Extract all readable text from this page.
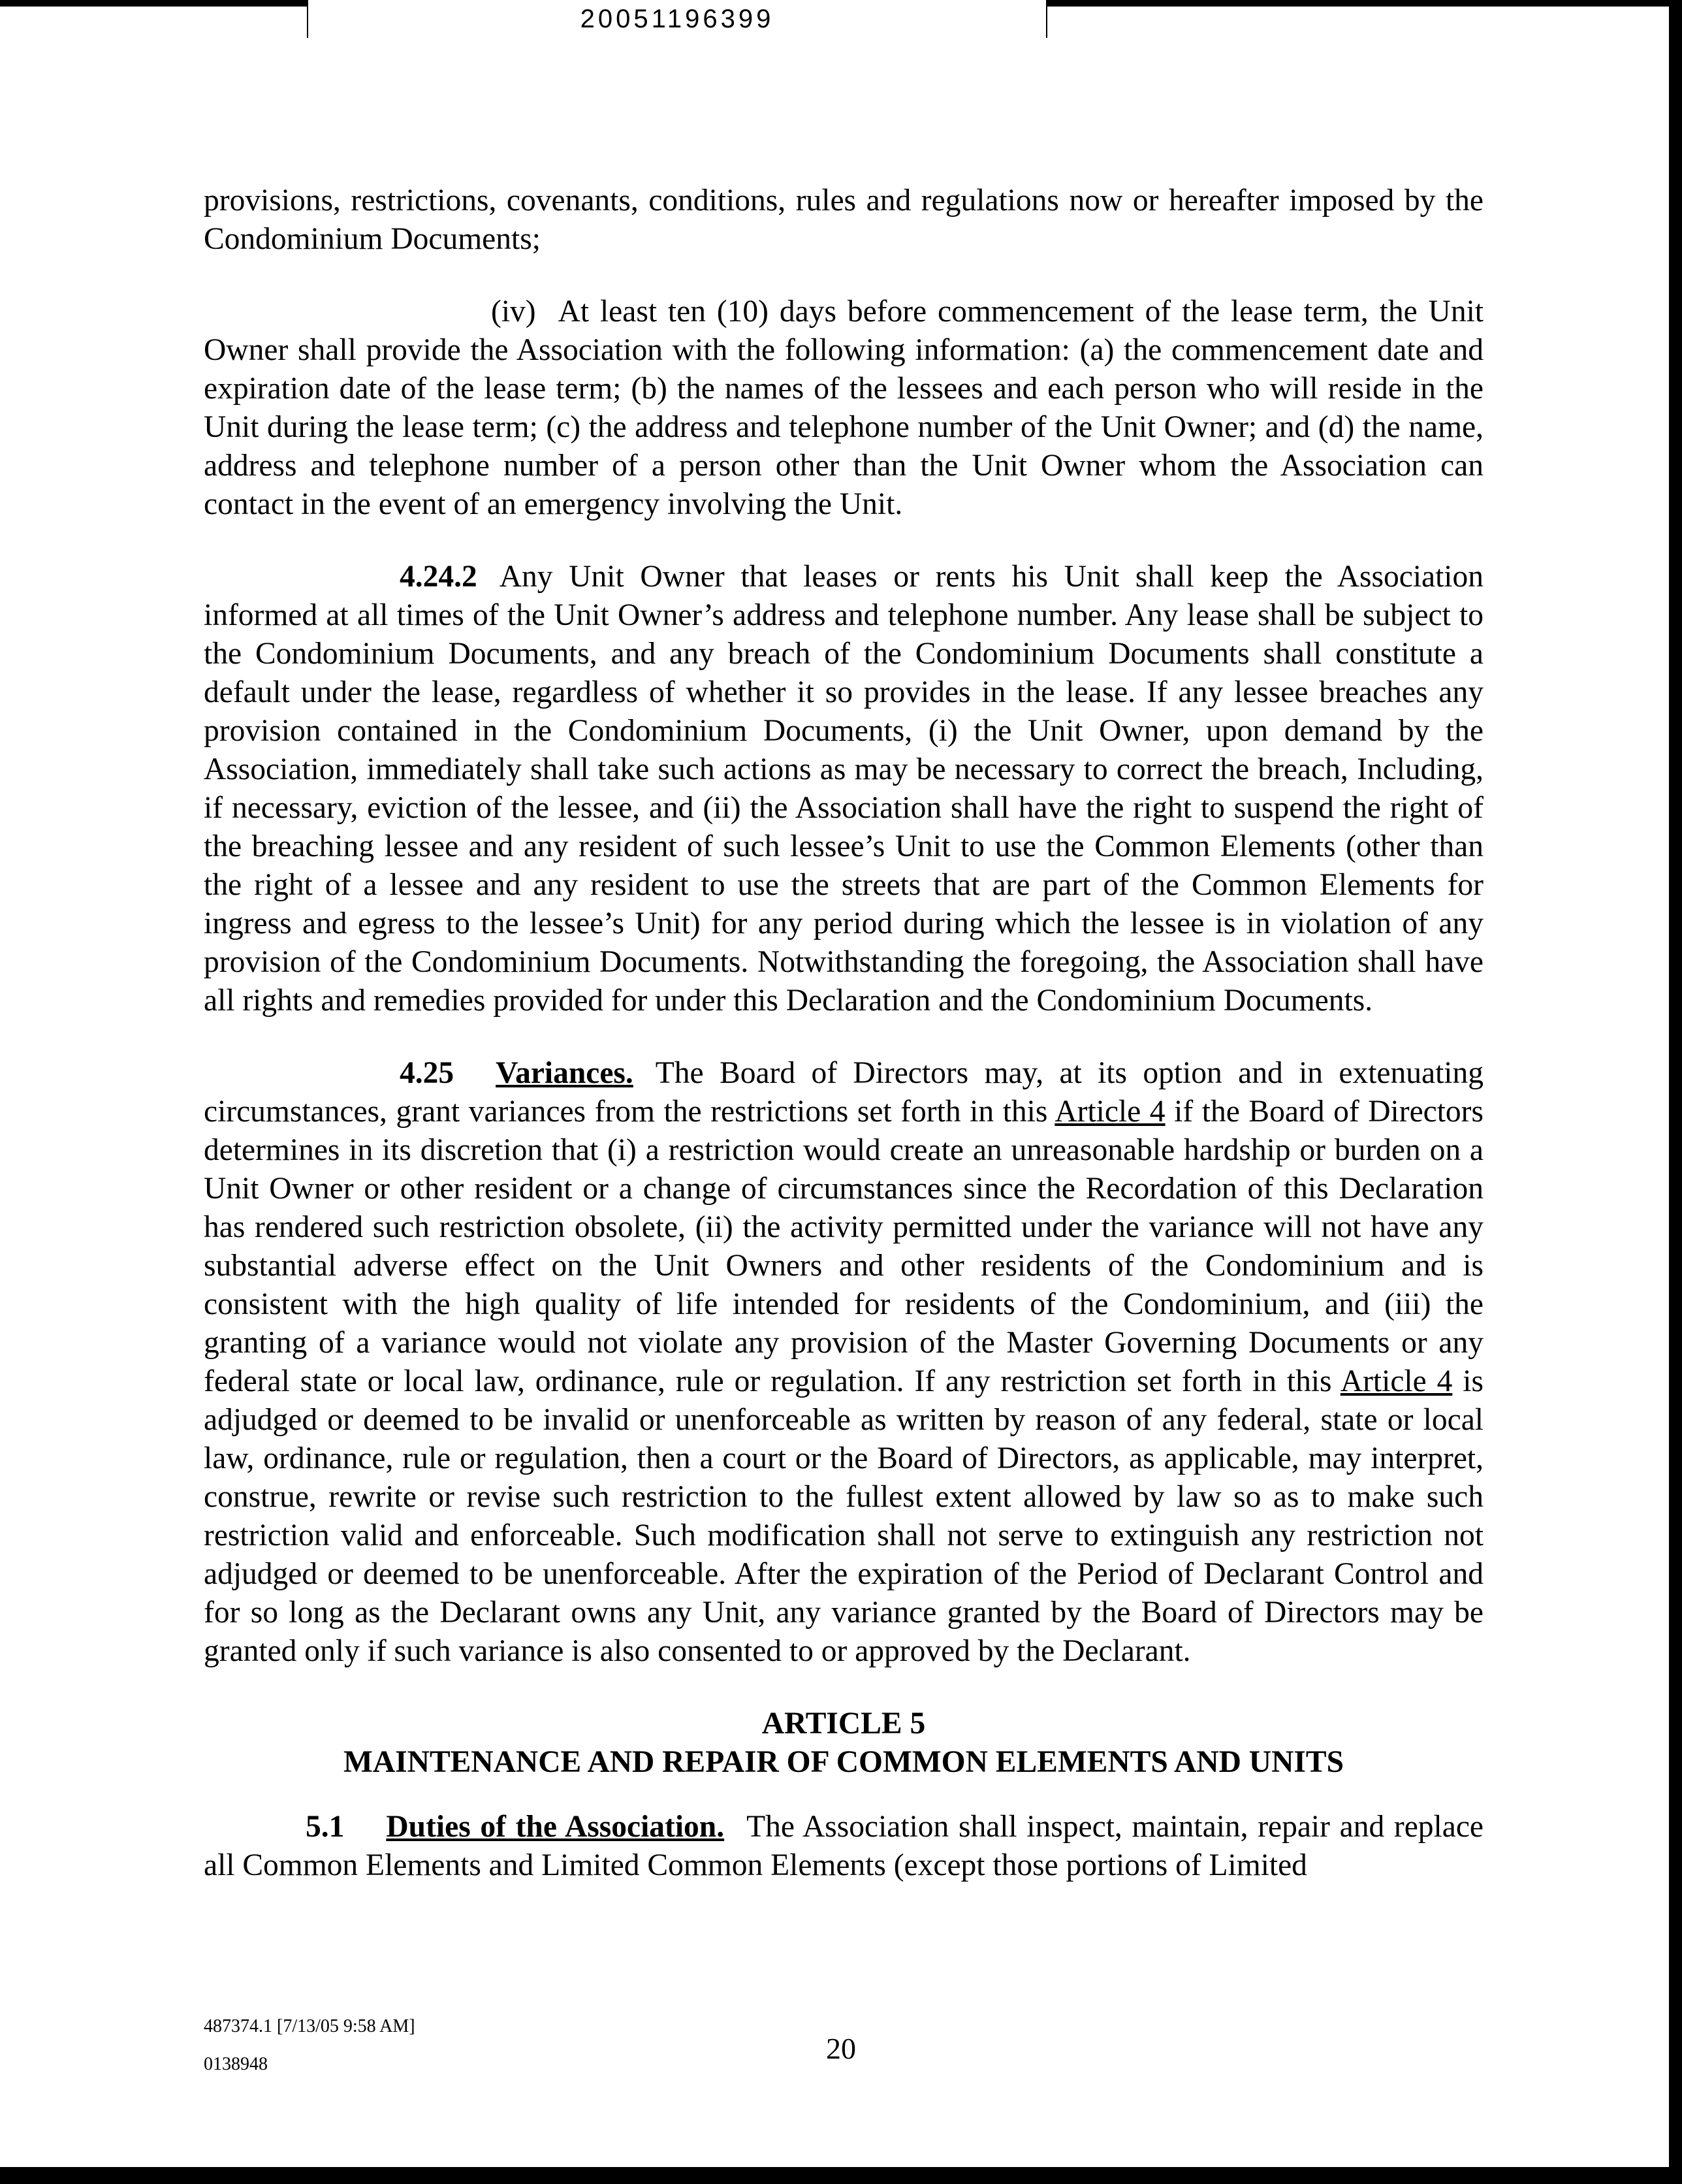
20051196399

provisions, restrictions, covenants, conditions, rules and regulations now or hereafter imposed by the Condominium Documents;

(iv) At least ten (10) days before commencement of the lease term, the Unit Owner shall provide the Association with the following information: (a) the commencement date and expiration date of the lease term; (b) the names of the lessees and each person who will reside in the Unit during the lease term; (c) the address and telephone number of the Unit Owner; and (d) the name, address and telephone number of a person other than the Unit Owner whom the Association can contact in the event of an emergency involving the Unit.

4.24.2 Any Unit Owner that leases or rents his Unit shall keep the Association informed at all times of the Unit Owner’s address and telephone number. Any lease shall be subject to the Condominium Documents, and any breach of the Condominium Documents shall constitute a default under the lease, regardless of whether it so provides in the lease. If any lessee breaches any provision contained in the Condominium Documents, (i) the Unit Owner, upon demand by the Association, immediately shall take such actions as may be necessary to correct the breach, Including, if necessary, eviction of the lessee, and (ii) the Association shall have the right to suspend the right of the breaching lessee and any resident of such lessee’s Unit to use the Common Elements (other than the right of a lessee and any resident to use the streets that are part of the Common Elements for ingress and egress to the lessee’s Unit) for any period during which the lessee is in violation of any provision of the Condominium Documents. Notwithstanding the foregoing, the Association shall have all rights and remedies provided for under this Declaration and the Condominium Documents.

4.25 Variances. The Board of Directors may, at its option and in extenuating circumstances, grant variances from the restrictions set forth in this Article 4 if the Board of Directors determines in its discretion that (i) a restriction would create an unreasonable hardship or burden on a Unit Owner or other resident or a change of circumstances since the Recordation of this Declaration has rendered such restriction obsolete, (ii) the activity permitted under the variance will not have any substantial adverse effect on the Unit Owners and other residents of the Condominium and is consistent with the high quality of life intended for residents of the Condominium, and (iii) the granting of a variance would not violate any provision of the Master Governing Documents or any federal state or local law, ordinance, rule or regulation. If any restriction set forth in this Article 4 is adjudged or deemed to be invalid or unenforceable as written by reason of any federal, state or local law, ordinance, rule or regulation, then a court or the Board of Directors, as applicable, may interpret, construe, rewrite or revise such restriction to the fullest extent allowed by law so as to make such restriction valid and enforceable. Such modification shall not serve to extinguish any restriction not adjudged or deemed to be unenforceable. After the expiration of the Period of Declarant Control and for so long as the Declarant owns any Unit, any variance granted by the Board of Directors may be granted only if such variance is also consented to or approved by the Declarant.

ARTICLE 5
MAINTENANCE AND REPAIR OF COMMON ELEMENTS AND UNITS

5.1 Duties of the Association. The Association shall inspect, maintain, repair and replace all Common Elements and Limited Common Elements (except those portions of Limited

487374.1 [7/13/05 9:58 AM]
0138948	20
